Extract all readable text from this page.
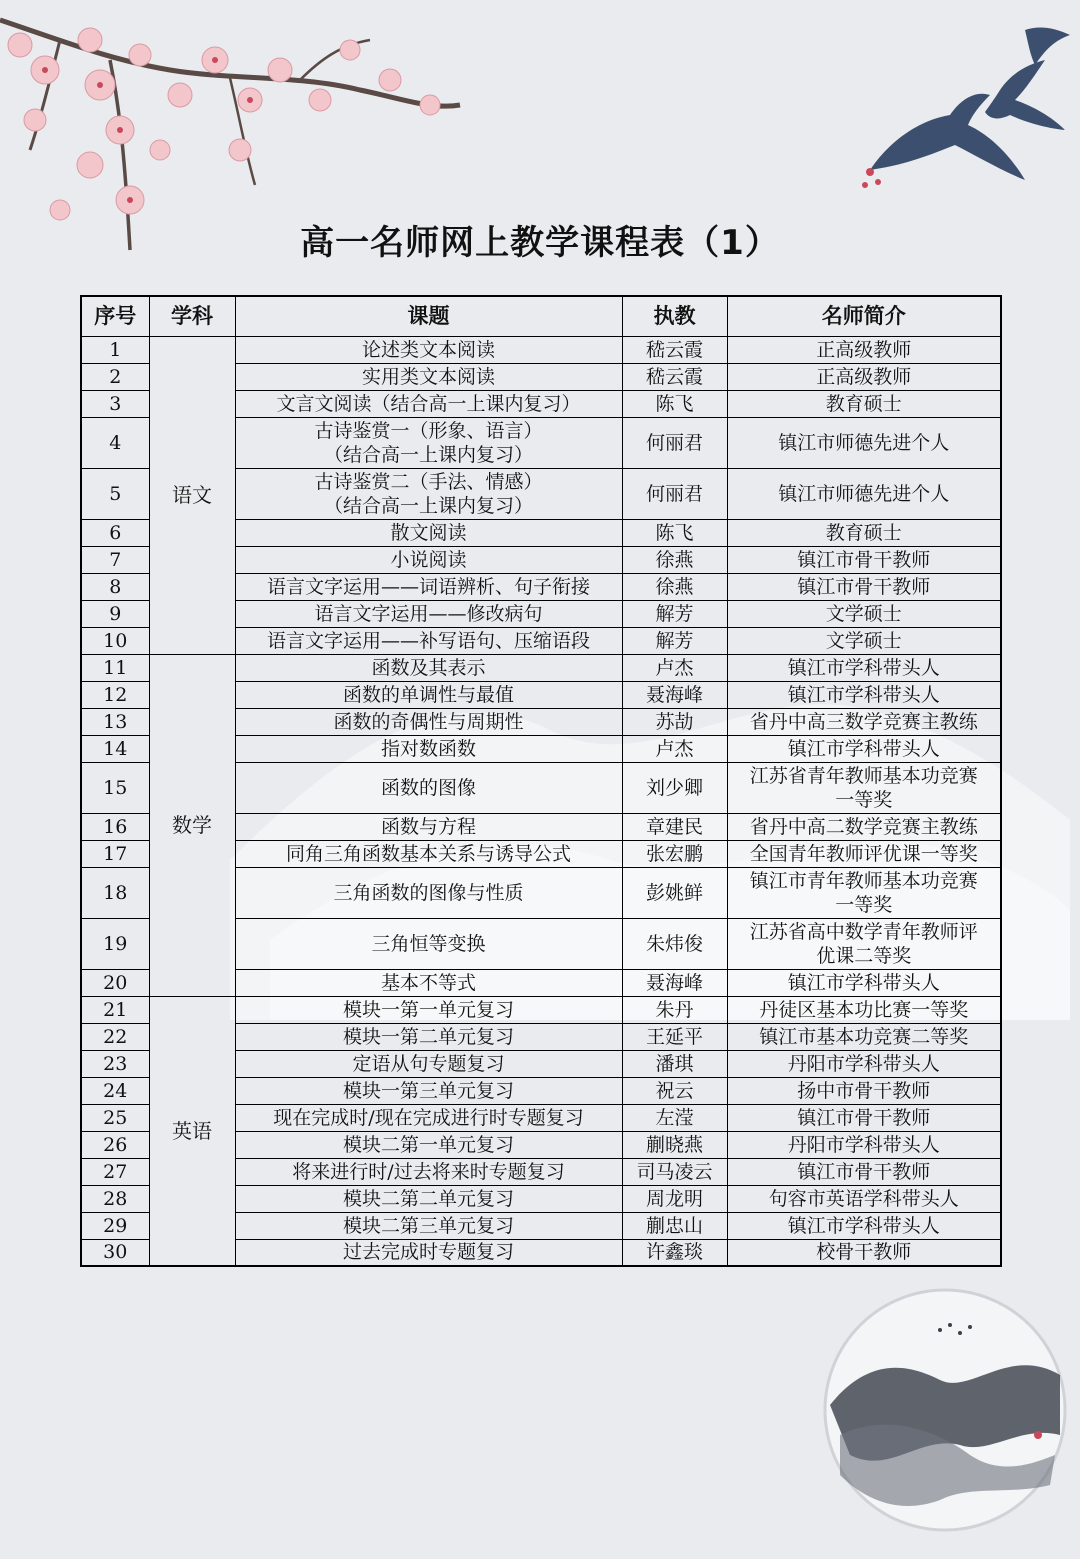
高一名师网上教学课程表（1）
序号	学科	课题	执教	名师简介
1	语文	论述类文本阅读	嵇云霞	正高级教师
2		实用类文本阅读	嵇云霞	正高级教师
3		文言文阅读（结合高一上课内复习）	陈飞	教育硕士
4		古诗鉴赏一（形象、语言）
（结合高一上课内复习）	何丽君	镇江市师德先进个人
5		古诗鉴赏二（手法、情感）
（结合高一上课内复习）	何丽君	镇江市师德先进个人
6		散文阅读	陈飞	教育硕士
7		小说阅读	徐燕	镇江市骨干教师
8		语言文字运用——词语辨析、句子衔接	徐燕	镇江市骨干教师
9		语言文字运用——修改病句	解芳	文学硕士
10		语言文字运用——补写语句、压缩语段	解芳	文学硕士
11	数学	函数及其表示	卢杰	镇江市学科带头人
12		函数的单调性与最值	聂海峰	镇江市学科带头人
13		函数的奇偶性与周期性	苏劼	省丹中高三数学竞赛主教练
14		指对数函数	卢杰	镇江市学科带头人
15		函数的图像	刘少卿	江苏省青年教师基本功竞赛
一等奖

16		函数与方程	章建民	省丹中高二数学竞赛主教练
17		同角三角函数基本关系与诱导公式	张宏鹏	全国青年教师评优课一等奖
18		三角函数的图像与性质	彭姚鲜	镇江市青年教师基本功竞赛
一等奖

19		三角恒等变换	朱炜俊	江苏省高中数学青年教师评
优课二等奖

20		基本不等式	聂海峰	镇江市学科带头人
21	英语	模块一第一单元复习	朱丹	丹徒区基本功比赛一等奖
22		模块一第二单元复习	王延平	镇江市基本功竞赛二等奖
23		定语从句专题复习	潘琪	丹阳市学科带头人
24		模块一第三单元复习	祝云	扬中市骨干教师
25		现在完成时/现在完成进行时专题复习	左滢	镇江市骨干教师
26		模块二第一单元复习	蒯晓燕	丹阳市学科带头人
27		将来进行时/过去将来时专题复习	司马凌云	镇江市骨干教师
28		模块二第二单元复习	周龙明	句容市英语学科带头人
29		模块二第三单元复习	蒯忠山	镇江市学科带头人
30		过去完成时专题复习	许鑫琰	校骨干教师
